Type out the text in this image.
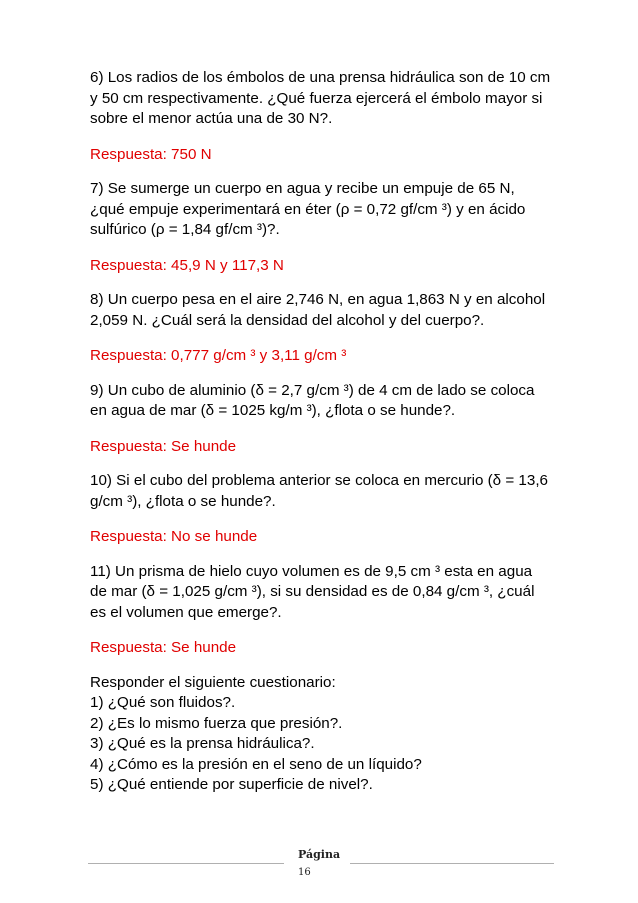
6) Los radios de los émbolos de una prensa hidráulica son de 10 cm
y 50 cm respectivamente. ¿Qué fuerza ejercerá el émbolo mayor si
sobre el menor actúa una de 30 N?.

Respuesta: 750 N

7) Se sumerge un cuerpo en agua y recibe un empuje de 65 N,
¿qué empuje experimentará en éter (ρ = 0,72 gf/cm ³) y en ácido
sulfúrico (ρ = 1,84 gf/cm ³)?.

Respuesta: 45,9 N y 117,3 N

8) Un cuerpo pesa en el aire 2,746 N, en agua 1,863 N y en alcohol
2,059 N. ¿Cuál será la densidad del alcohol y del cuerpo?.

Respuesta: 0,777 g/cm ³ y 3,11 g/cm ³

9) Un cubo de aluminio (δ = 2,7 g/cm ³) de 4 cm de lado se coloca
en agua de mar (δ = 1025 kg/m ³), ¿flota o se hunde?.

Respuesta: Se hunde

10) Si el cubo del problema anterior se coloca en mercurio (δ = 13,6
g/cm ³), ¿flota o se hunde?.

Respuesta: No se hunde

11) Un prisma de hielo cuyo volumen es de 9,5 cm ³ esta en agua
de mar (δ = 1,025 g/cm ³), si su densidad es de 0,84 g/cm ³, ¿cuál
es el volumen que emerge?.

Respuesta: Se hunde

Responder el siguiente cuestionario:
1) ¿Qué son fluidos?.
2) ¿Es lo mismo fuerza que presión?.
3) ¿Qué es la prensa hidráulica?.
4) ¿Cómo es la presión en el seno de un líquido?
5) ¿Qué entiende por superficie de nivel?.
Página
16
